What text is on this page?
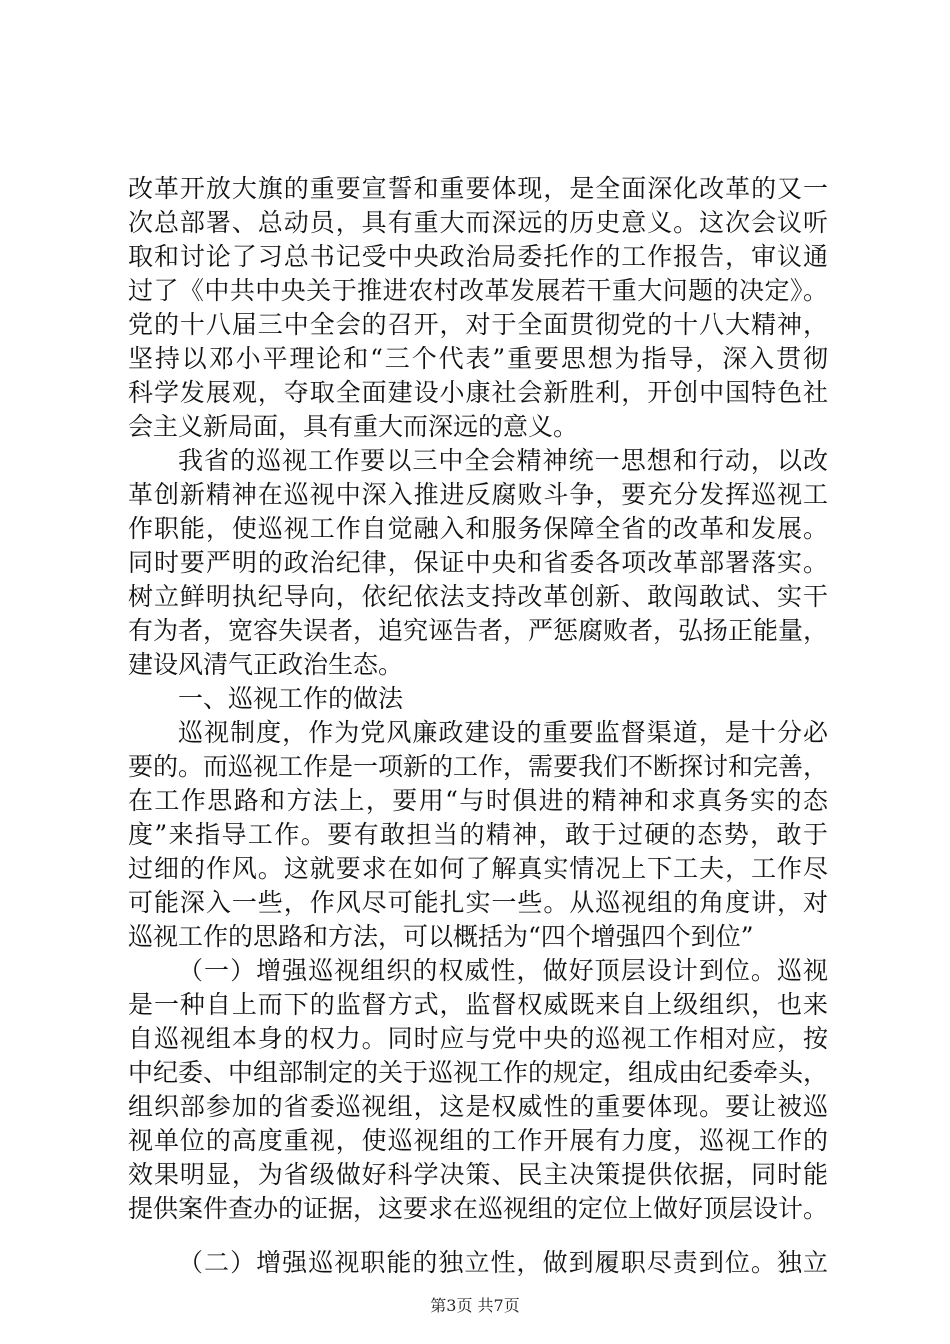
改革开放大旗的重要宣誓和重要体现，是全面深化改革的又一
次总部署、总动员，具有重大而深远的历史意义。这次会议听
取和讨论了习总书记受中央政治局委托作的工作报告，审议通
过了《中共中央关于推进农村改革发展若干重大问题的决定》。
党的十八届三中全会的召开，对于全面贯彻党的十八大精神，
坚持以邓小平理论和“三个代表”重要思想为指导，深入贯彻
科学发展观，夺取全面建设小康社会新胜利，开创中国特色社
会主义新局面，具有重大而深远的意义。
我省的巡视工作要以三中全会精神统一思想和行动，以改
革创新精神在巡视中深入推进反腐败斗争，要充分发挥巡视工
作职能，使巡视工作自觉融入和服务保障全省的改革和发展。
同时要严明的政治纪律，保证中央和省委各项改革部署落实。
树立鲜明执纪导向，依纪依法支持改革创新、敢闯敢试、实干
有为者，宽容失误者，追究诬告者，严惩腐败者，弘扬正能量，
建设风清气正政治生态。
一、巡视工作的做法
巡视制度，作为党风廉政建设的重要监督渠道，是十分必
要的。而巡视工作是一项新的工作，需要我们不断探讨和完善，
在工作思路和方法上，要用“与时俱进的精神和求真务实的态
度”来指导工作。要有敢担当的精神，敢于过硬的态势，敢于
过细的作风。这就要求在如何了解真实情况上下工夫，工作尽
可能深入一些，作风尽可能扎实一些。从巡视组的角度讲，对
巡视工作的思路和方法，可以概括为“四个增强四个到位”
（一）增强巡视组织的权威性，做好顶层设计到位。巡视
是一种自上而下的监督方式，监督权威既来自上级组织，也来
自巡视组本身的权力。同时应与党中央的巡视工作相对应，按
中纪委、中组部制定的关于巡视工作的规定，组成由纪委牵头，
组织部参加的省委巡视组，这是权威性的重要体现。要让被巡
视单位的高度重视，使巡视组的工作开展有力度，巡视工作的
效果明显，为省级做好科学决策、民主决策提供依据，同时能
提供案件查办的证据，这要求在巡视组的定位上做好顶层设计。
（二）增强巡视职能的独立性，做到履职尽责到位。独立
第3页 共7页
